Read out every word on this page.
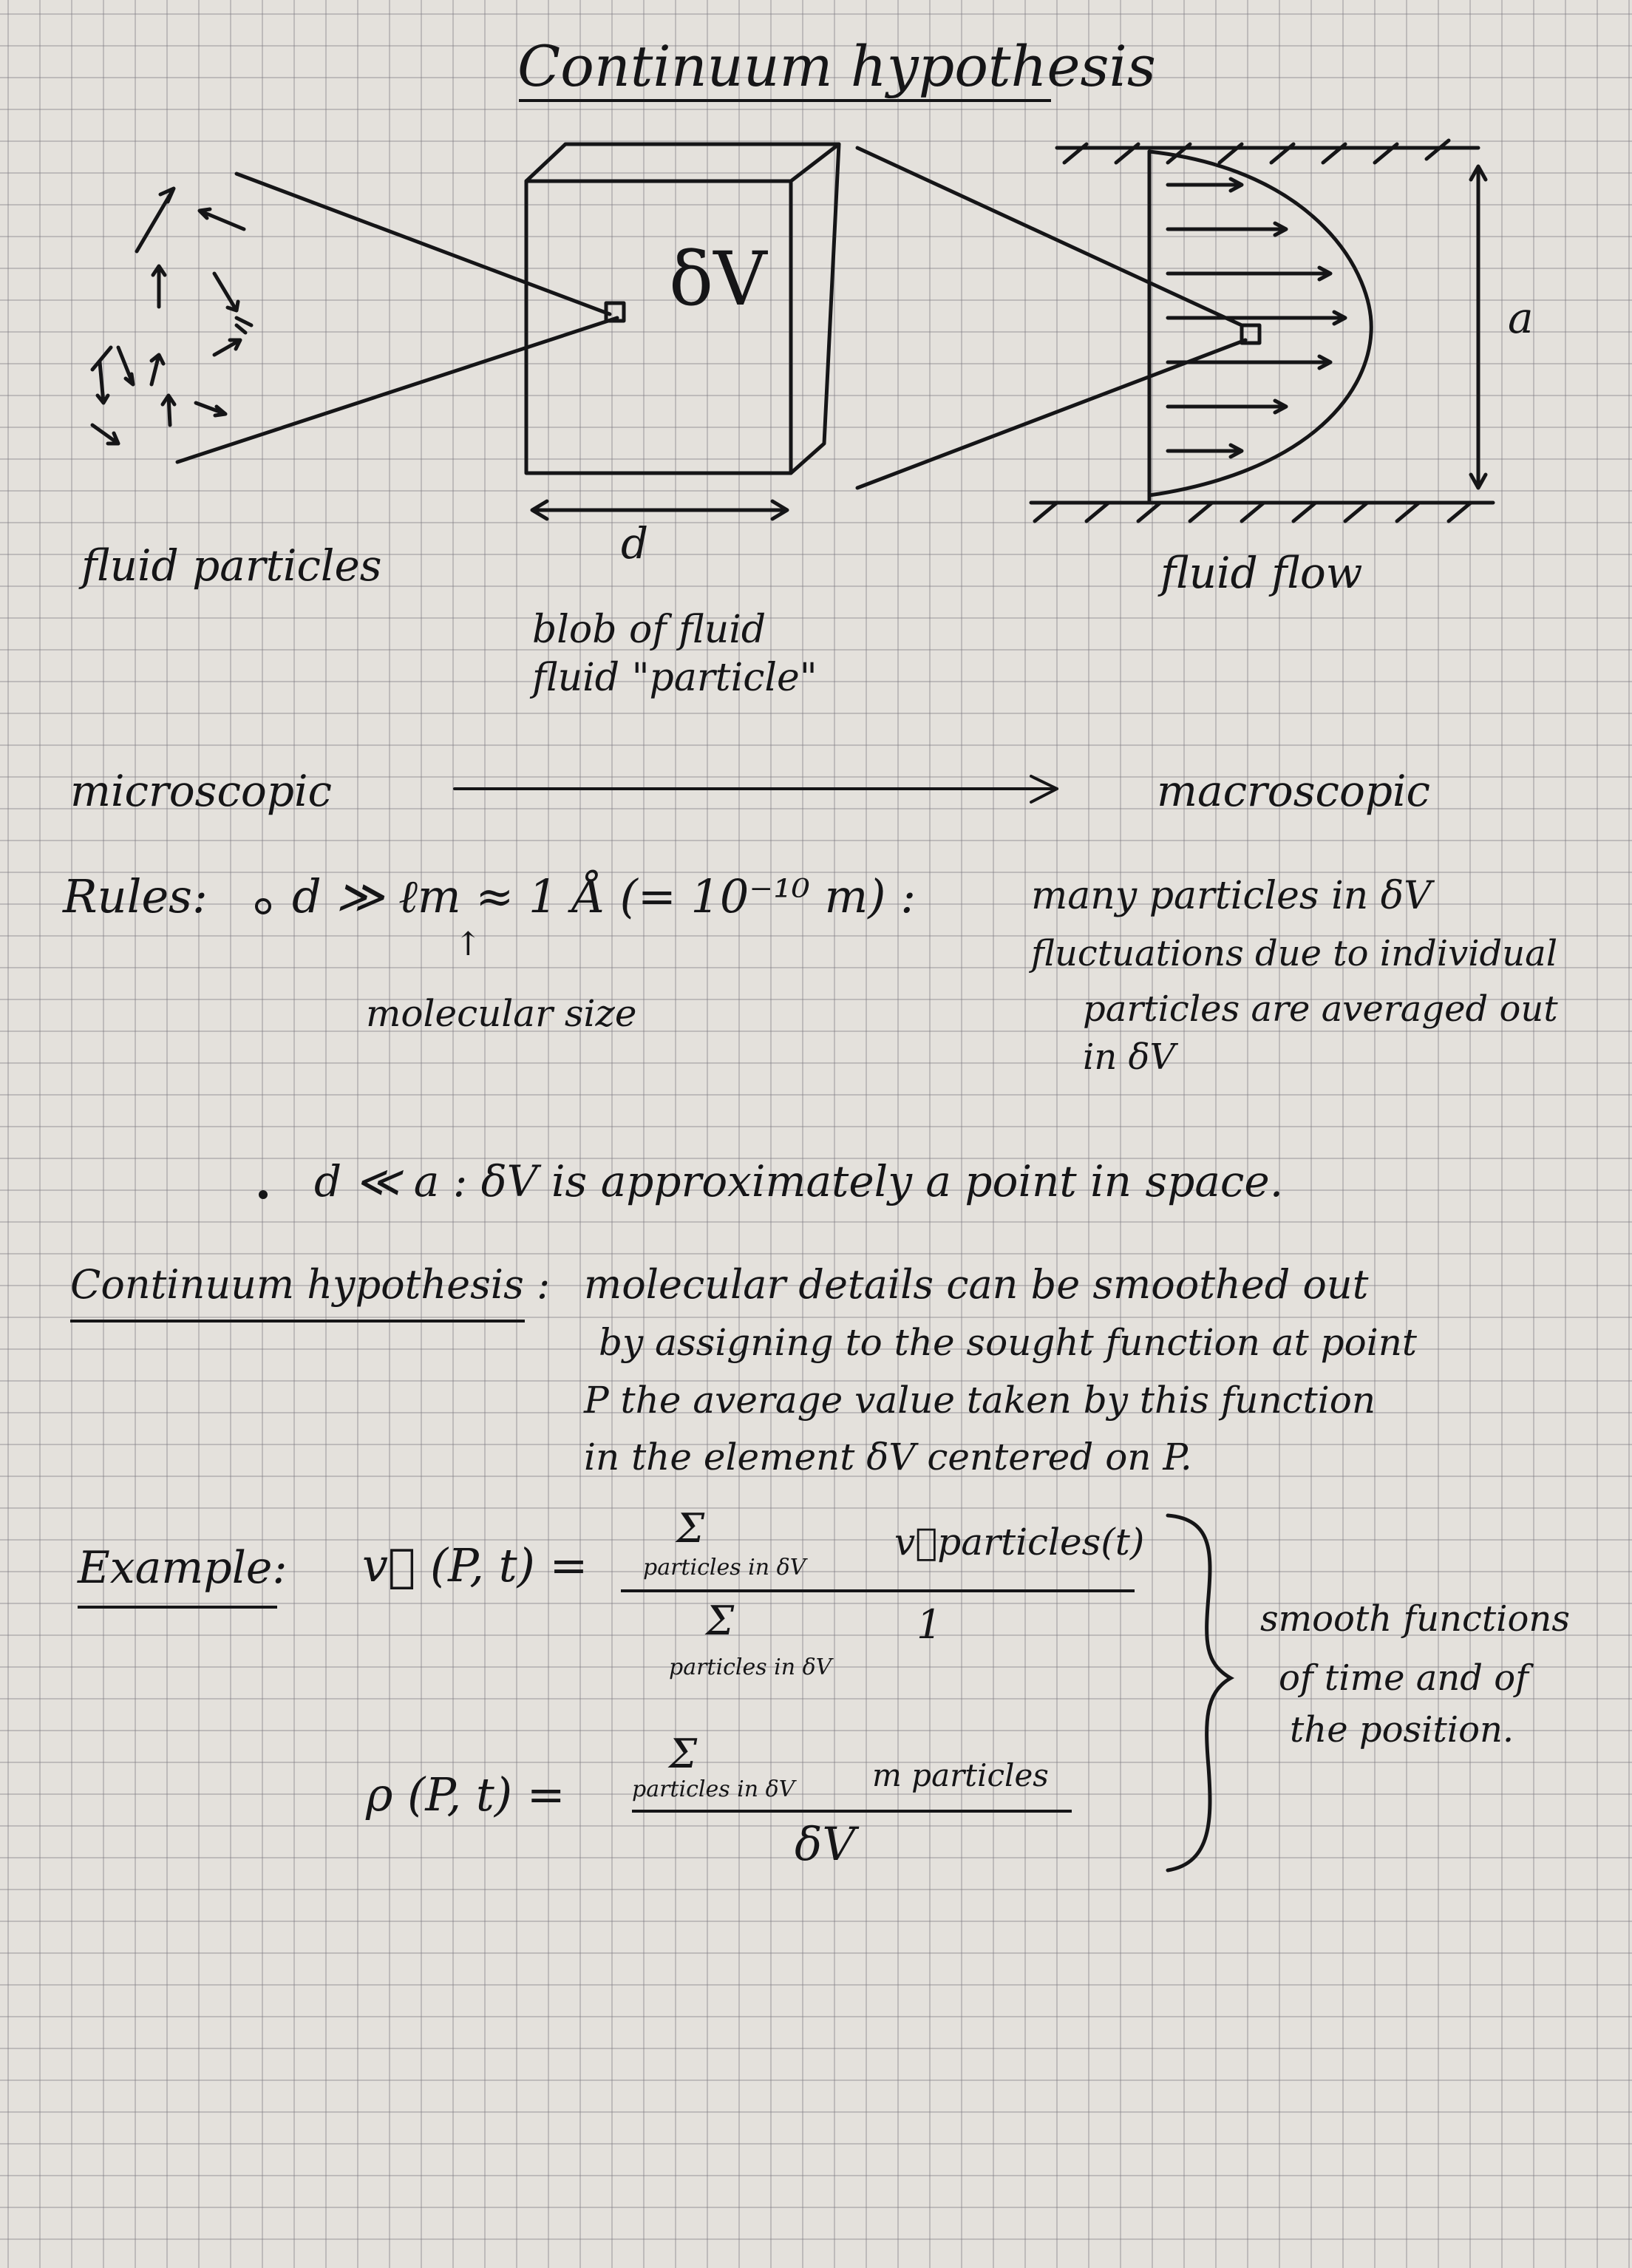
Continuum hypothesis
δV
d
a
fluid particles
blob of fluid
fluid "particle"
fluid flow
microscopic	macroscopic
Rules: d ≫ ℓm ≈ 1 Å (= 10⁻¹⁰ m) :
↑
molecular size
many particles in δV
fluctuations due to individual
particles are averaged out
in δV
d ≪ a : δV is approximately a point in space.
Continuum hypothesis : molecular details can be smoothed out
by assigning to the sought function at point
P the average value taken by this function
in the element δV centered on P.
Example: v⃗ (P, t) =
Σ
particles in δV
v⃗particles(t)
Σ	1
particles in δV
ρ (P, t) =
Σ
particles in δV m particles
δV
smooth functions
of time and of
the position.
